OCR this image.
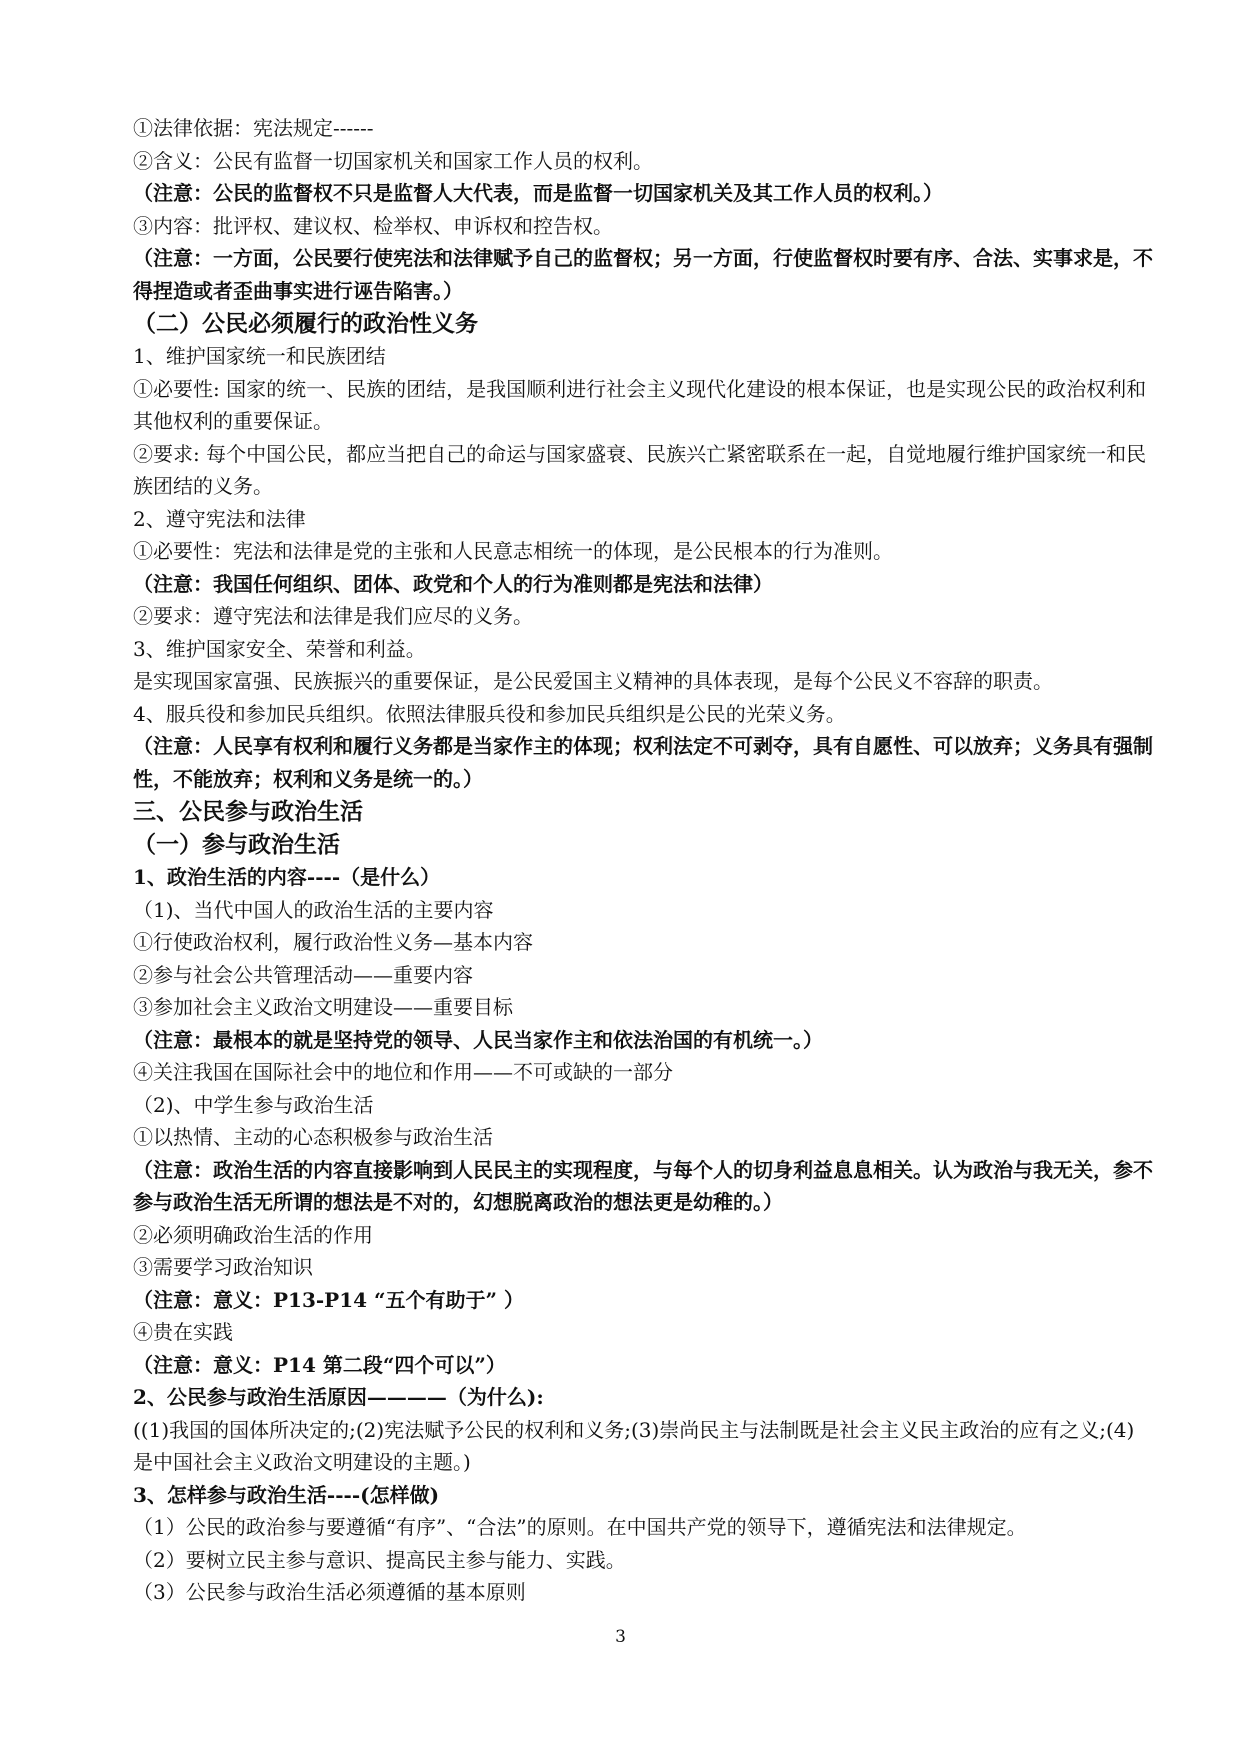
①法律依据：宪法规定------
②含义：公民有监督一切国家机关和国家工作人员的权利。
（注意：公民的监督权不只是监督人大代表，而是监督一切国家机关及其工作人员的权利。）
③内容：批评权、建议权、检举权、申诉权和控告权。
（注意：一方面，公民要行使宪法和法律赋予自己的监督权；另一方面，行使监督权时要有序、合法、实事求是，不得捏造或者歪曲事实进行诬告陷害。）
（二）公民必须履行的政治性义务
1、维护国家统一和民族团结
①必要性: 国家的统一、民族的团结，是我国顺利进行社会主义现代化建设的根本保证，也是实现公民的政治权利和其他权利的重要保证。
②要求: 每个中国公民，都应当把自己的命运与国家盛衰、民族兴亡紧密联系在一起，自觉地履行维护国家统一和民族团结的义务。
2、遵守宪法和法律
①必要性：宪法和法律是党的主张和人民意志相统一的体现，是公民根本的行为准则。
（注意：我国任何组织、团体、政党和个人的行为准则都是宪法和法律）
②要求：遵守宪法和法律是我们应尽的义务。
3、维护国家安全、荣誉和利益。
是实现国家富强、民族振兴的重要保证，是公民爱国主义精神的具体表现，是每个公民义不容辞的职责。
4、服兵役和参加民兵组织。依照法律服兵役和参加民兵组织是公民的光荣义务。
（注意：人民享有权利和履行义务都是当家作主的体现；权利法定不可剥夺，具有自愿性、可以放弃；义务具有强制性，不能放弃；权利和义务是统一的。）
三、公民参与政治生活
（一）参与政治生活
1、政治生活的内容----（是什么）
（1)、当代中国人的政治生活的主要内容
①行使政治权利，履行政治性义务—基本内容
②参与社会公共管理活动——重要内容
③参加社会主义政治文明建设——重要目标
（注意：最根本的就是坚持党的领导、人民当家作主和依法治国的有机统一。）
④关注我国在国际社会中的地位和作用——不可或缺的一部分
（2)、中学生参与政治生活
①以热情、主动的心态积极参与政治生活
（注意：政治生活的内容直接影响到人民民主的实现程度，与每个人的切身利益息息相关。认为政治与我无关，参不参与政治生活无所谓的想法是不对的，幻想脱离政治的想法更是幼稚的。）
②必须明确政治生活的作用
③需要学习政治知识
（注意：意义：P13-P14 “五个有助于” ）
④贵在实践
（注意：意义：P14 第二段“四个可以”）
2、公民参与政治生活原因————（为什么):
((1)我国的国体所决定的;(2)宪法赋予公民的权利和义务;(3)崇尚民主与法制既是社会主义民主政治的应有之义;(4)是中国社会主义政治文明建设的主题。)
3、怎样参与政治生活----(怎样做)
（1）公民的政治参与要遵循“有序”、“合法”的原则。在中国共产党的领导下，遵循宪法和法律规定。
（2）要树立民主参与意识、提高民主参与能力、实践。
（3）公民参与政治生活必须遵循的基本原则
3
